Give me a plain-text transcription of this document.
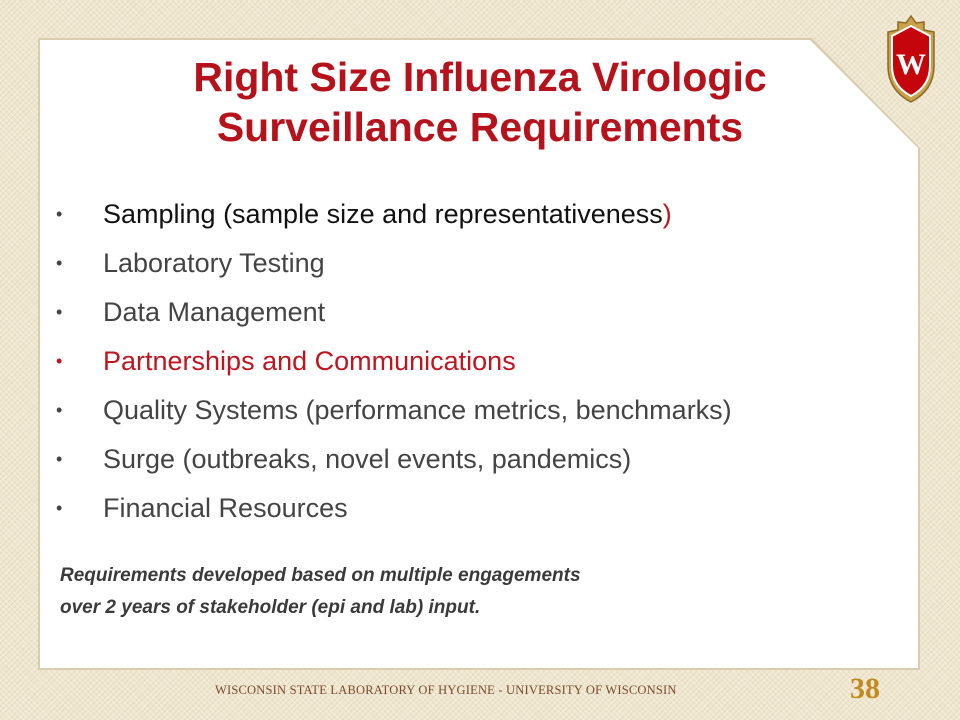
Right Size Influenza Virologic
Surveillance Requirements
W
• Sampling (sample size and representativeness)
• Laboratory Testing
• Data Management
• Partnerships and Communications
• Quality Systems (performance metrics, benchmarks)
• Surge (outbreaks, novel events, pandemics)
• Financial Resources

Requirements developed based on multiple engagements
over 2 years of stakeholder (epi and lab) input.

WISCONSIN STATE LABORATORY OF HYGIENE - UNIVERSITY OF WISCONSIN	38
